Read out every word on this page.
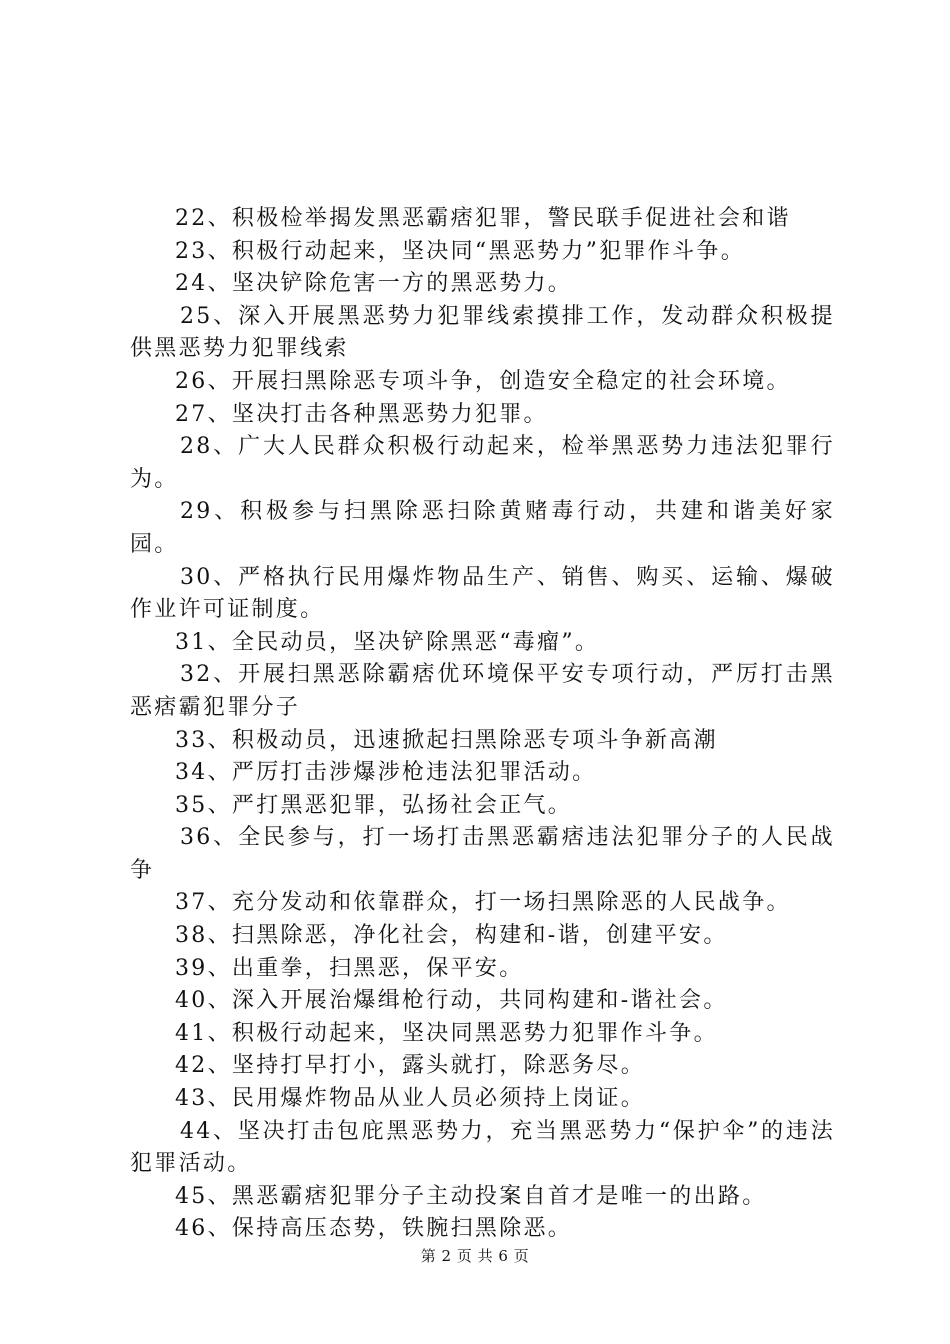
22、积极检举揭发黑恶霸痞犯罪，警民联手促进社会和谐

23、积极行动起来，坚决同“黑恶势力”犯罪作斗争。

24、坚决铲除危害一方的黑恶势力。

25、深入开展黑恶势力犯罪线索摸排工作，发动群众积极提供黑恶势力犯罪线索

26、开展扫黑除恶专项斗争，创造安全稳定的社会环境。

27、坚决打击各种黑恶势力犯罪。

28、广大人民群众积极行动起来，检举黑恶势力违法犯罪行为。

29、积极参与扫黑除恶扫除黄赌毒行动，共建和谐美好家园。

30、严格执行民用爆炸物品生产、销售、购买、运输、爆破作业许可证制度。

31、全民动员，坚决铲除黑恶“毒瘤”。

32、开展扫黑恶除霸痞优环境保平安专项行动，严厉打击黑恶痞霸犯罪分子

33、积极动员，迅速掀起扫黑除恶专项斗争新高潮

34、严厉打击涉爆涉枪违法犯罪活动。

35、严打黑恶犯罪，弘扬社会正气。

36、全民参与，打一场打击黑恶霸痞违法犯罪分子的人民战争

37、充分发动和依靠群众，打一场扫黑除恶的人民战争。

38、扫黑除恶，净化社会，构建和-谐，创建平安。

39、出重拳，扫黑恶，保平安。

40、深入开展治爆缉枪行动，共同构建和-谐社会。

41、积极行动起来，坚决同黑恶势力犯罪作斗争。

42、坚持打早打小，露头就打，除恶务尽。

43、民用爆炸物品从业人员必须持上岗证。

44、坚决打击包庇黑恶势力，充当黑恶势力“保护伞”的违法犯罪活动。

45、黑恶霸痞犯罪分子主动投案自首才是唯一的出路。

46、保持高压态势，铁腕扫黑除恶。

第 2 页 共 6 页
